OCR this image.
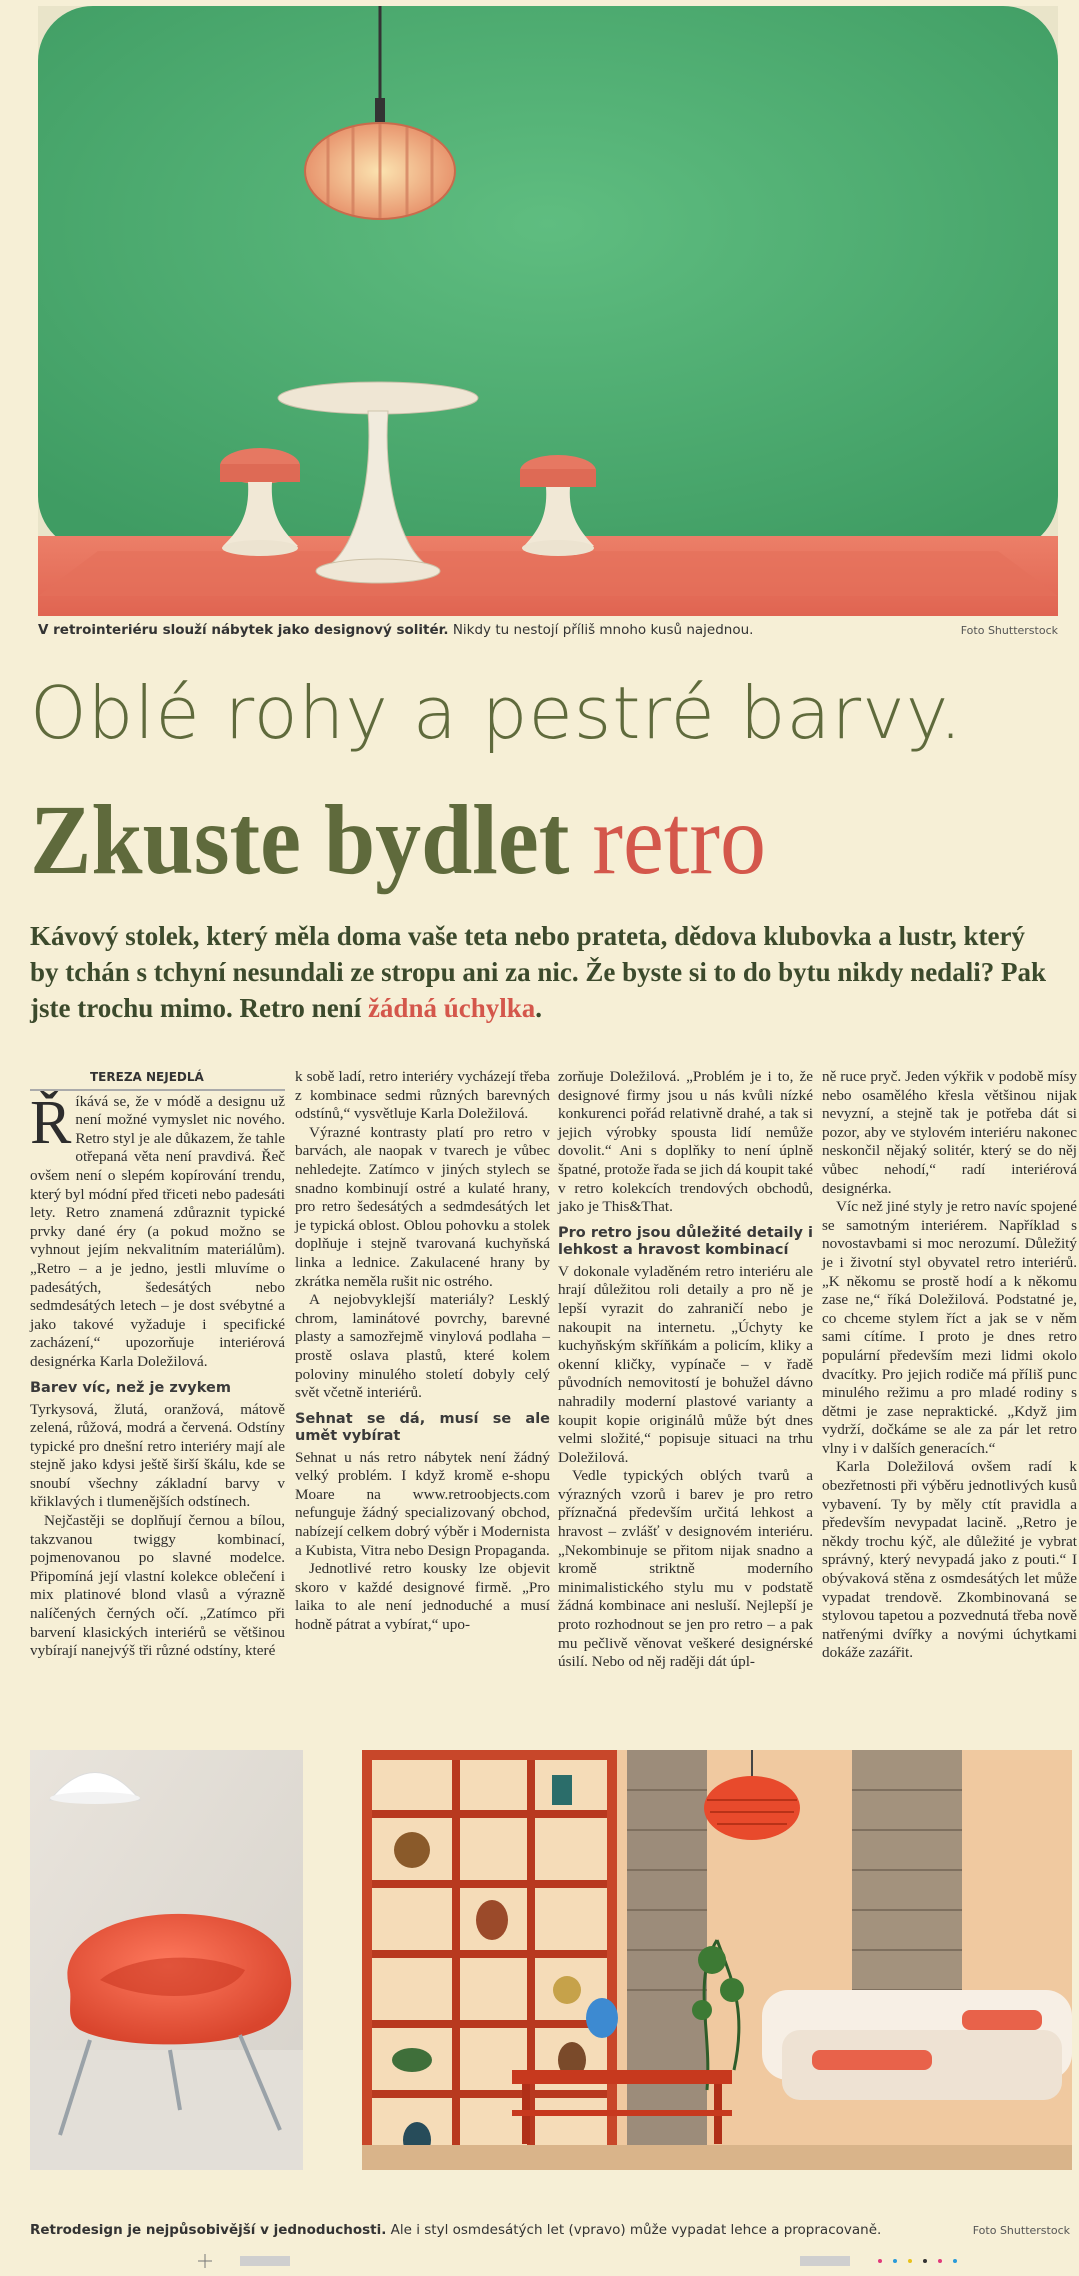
V retrointeriéru slouží nábytek jako designový solitér. Nikdy tu nestojí příliš mnoho kusů najednou.	Foto Shutterstock
Oblé rohy a pestré barvy.
Zkuste bydlet retro
Kávový stolek, který měla doma vaše teta nebo prateta, dědova klubovka a lustr, který by tchán s tchyní nesundali ze stropu ani za nic. Že byste si to do bytu nikdy nedali? Pak jste trochu mimo. Retro není žádná úchylka.
TEREZA NEJEDLÁ

Říkává se, že v módě a designu už není možné vymyslet nic nového. Retro styl je ale důkazem, že tahle otřepaná věta není pravdivá. Řeč ovšem není o slepém kopírování trendu, který byl módní před třiceti nebo padesáti lety. Retro znamená zdůraznit typické prvky dané éry (a pokud možno se vyhnout jejím nekvalitním materiálům). „Retro – a je jedno, jestli mluvíme o padesátých, šedesátých nebo sedmdesátých letech – je dost svébytné a jako takové vyžaduje i specifické zacházení,“ upozorňuje interiérová designérka Karla Doležilová.

Barev víc, než je zvykem

Tyrkysová, žlutá, oranžová, mátově zelená, růžová, modrá a červená. Odstíny typické pro dnešní retro interiéry mají ale stejně jako kdysi ještě širší škálu, kde se snoubí všechny základní barvy v křiklavých i tlumenějších odstínech.

Nejčastěji se doplňují černou a bílou, takzvanou twiggy kombinací, pojmenovanou po slavné modelce. Připomíná její vlastní kolekce oblečení i mix platinové blond vlasů a výrazně nalíčených černých očí. „Zatímco při barvení klasických interiérů se většinou vybírají nanejvýš tři různé odstíny, které

k sobě ladí, retro interiéry vycházejí třeba z kombinace sedmi různých barevných odstínů,“ vysvětluje Karla Doležilová.

Výrazné kontrasty platí pro retro v barvách, ale naopak v tvarech je vůbec nehledejte. Zatímco v jiných stylech se snadno kombinují ostré a kulaté hrany, pro retro šedesátých a sedmdesátých let je typická oblost. Oblou pohovku a stolek doplňuje i stejně tvarovaná kuchyňská linka a lednice. Zakulacené hrany by zkrátka neměla rušit nic ostrého.

A nejobvyklejší materiály? Lesklý chrom, laminátové povrchy, barevné plasty a samozřejmě vinylová podlaha – prostě oslava plastů, které kolem poloviny minulého století dobyly celý svět včetně interiérů.

Sehnat se dá, musí se ale umět vybírat

Sehnat u nás retro nábytek není žádný velký problém. I když kromě e-shopu Moare na www.retroobjects.com nefunguje žádný specializovaný obchod, nabízejí celkem dobrý výběr i Modernista a Kubista, Vitra nebo Design Propaganda.

Jednotlivé retro kousky lze objevit skoro v každé designové firmě. „Pro laika to ale není jednoduché a musí hodně pátrat a vybírat,“ upo-

zorňuje Doležilová. „Problém je i to, že designové firmy jsou u nás kvůli nízké konkurenci pořád relativně drahé, a tak si jejich výrobky spousta lidí nemůže dovolit.“ Ani s doplňky to není úplně špatné, protože řada se jich dá koupit také v retro kolekcích trendových obchodů, jako je This&That.

Pro retro jsou důležité detaily i lehkost a hravost kombinací

V dokonale vyladěném retro interiéru ale hrají důležitou roli detaily a pro ně je lepší vyrazit do zahraničí nebo je nakoupit na internetu. „Úchyty ke kuchyňským skříňkám a policím, kliky a okenní kličky, vypínače – v řadě původních nemovitostí je bohužel dávno nahradily moderní plastové varianty a koupit kopie originálů může být dnes velmi složité,“ popisuje situaci na trhu Doležilová.

Vedle typických oblých tvarů a výrazných vzorů i barev je pro retro příznačná především určitá lehkost a hravost – zvlášť v designovém interiéru. „Nekombinuje se přitom nijak snadno a kromě striktně moderního minimalistického stylu mu v podstatě žádná kombinace ani nesluší. Nejlepší je proto rozhodnout se jen pro retro – a pak mu pečlivě věnovat veškeré designérské úsilí. Nebo od něj raději dát úpl-

ně ruce pryč. Jeden výkřik v podobě mísy nebo osamělého křesla většinou nijak nevyzní, a stejně tak je potřeba dát si pozor, aby ve stylovém interiéru nakonec neskončil nějaký solitér, který se do něj vůbec nehodí,“ radí interiérová designérka.

Víc než jiné styly je retro navíc spojené se samotným interiérem. Například s novostavbami si moc nerozumí. Důležitý je i životní styl obyvatel retro interiérů. „K někomu se prostě hodí a k někomu zase ne,“ říká Doležilová. Podstatné je, co chceme stylem říct a jak se v něm sami cítíme. I proto je dnes retro populární především mezi lidmi okolo dvacítky. Pro jejich rodiče má příliš punc minulého režimu a pro mladé rodiny s dětmi je zase nepraktické. „Když jim vydrží, dočkáme se ale za pár let retro vlny i v dalších generacích.“

Karla Doležilová ovšem radí k obezřetnosti při výběru jednotlivých kusů vybavení. Ty by měly ctít pravidla a především nevypadat lacině. „Retro je někdy trochu kýč, ale důležité je vybrat správný, který nevypadá jako z pouti.“ I obývaková stěna z osmdesátých let může vypadat trendově. Zkombinovaná se stylovou tapetou a pozvednutá třeba nově natřenými dvířky a novými úchytkami dokáže zazářit.

Retrodesign je nejpůsobivější v jednoduchosti. Ale i styl osmdesátých let (vpravo) může vypadat lehce a propracovaně.	Foto Shutterstock
